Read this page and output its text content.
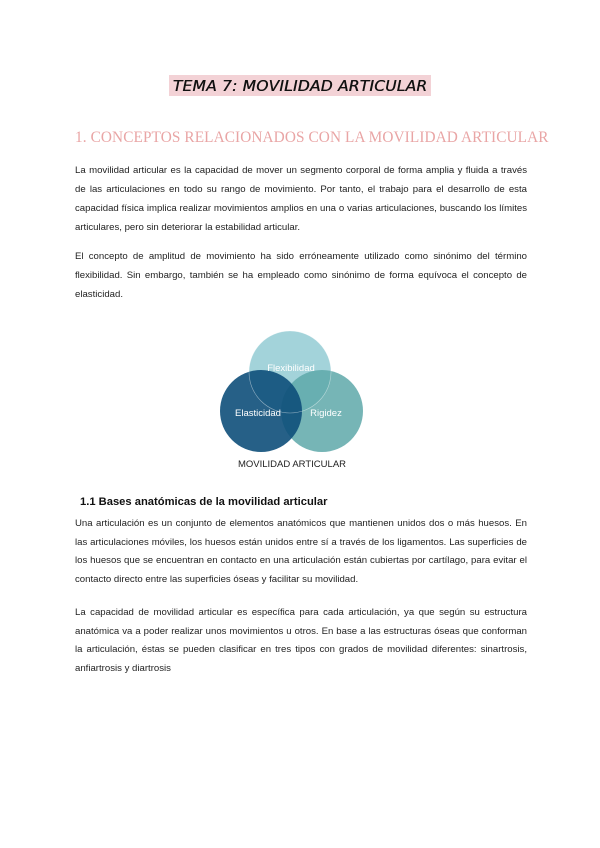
TEMA 7: MOVILIDAD ARTICULAR
1. CONCEPTOS RELACIONADOS CON LA MOVILIDAD ARTICULAR

La movilidad articular es la capacidad de mover un segmento corporal de forma amplia y fluida a través de las articulaciones en todo su rango de movimiento. Por tanto, el trabajo para el desarrollo de esta capacidad física implica realizar movimientos amplios en una o varias articulaciones, buscando los límites articulares, pero sin deteriorar la estabilidad articular.

El concepto de amplitud de movimiento ha sido erróneamente utilizado como sinónimo del término flexibilidad. Sin embargo, también se ha empleado como sinónimo de forma equívoca el concepto de elasticidad.

Flexibilidad
Elasticidad	Rigidez
MOVILIDAD ARTICULAR
1.1 Bases anatómicas de la movilidad articular

Una articulación es un conjunto de elementos anatómicos que mantienen unidos dos o más huesos. En las articulaciones móviles, los huesos están unidos entre sí a través de los ligamentos. Las superficies de los huesos que se encuentran en contacto en una articulación están cubiertas por cartílago, para evitar el contacto directo entre las superficies óseas y facilitar su movilidad.

La capacidad de movilidad articular es específica para cada articulación, ya que según su estructura anatómica va a poder realizar unos movimientos u otros. En base a las estructuras óseas que conforman la articulación, éstas se pueden clasificar en tres tipos con grados de movilidad diferentes: sinartrosis, anfiartrosis y diartrosis
